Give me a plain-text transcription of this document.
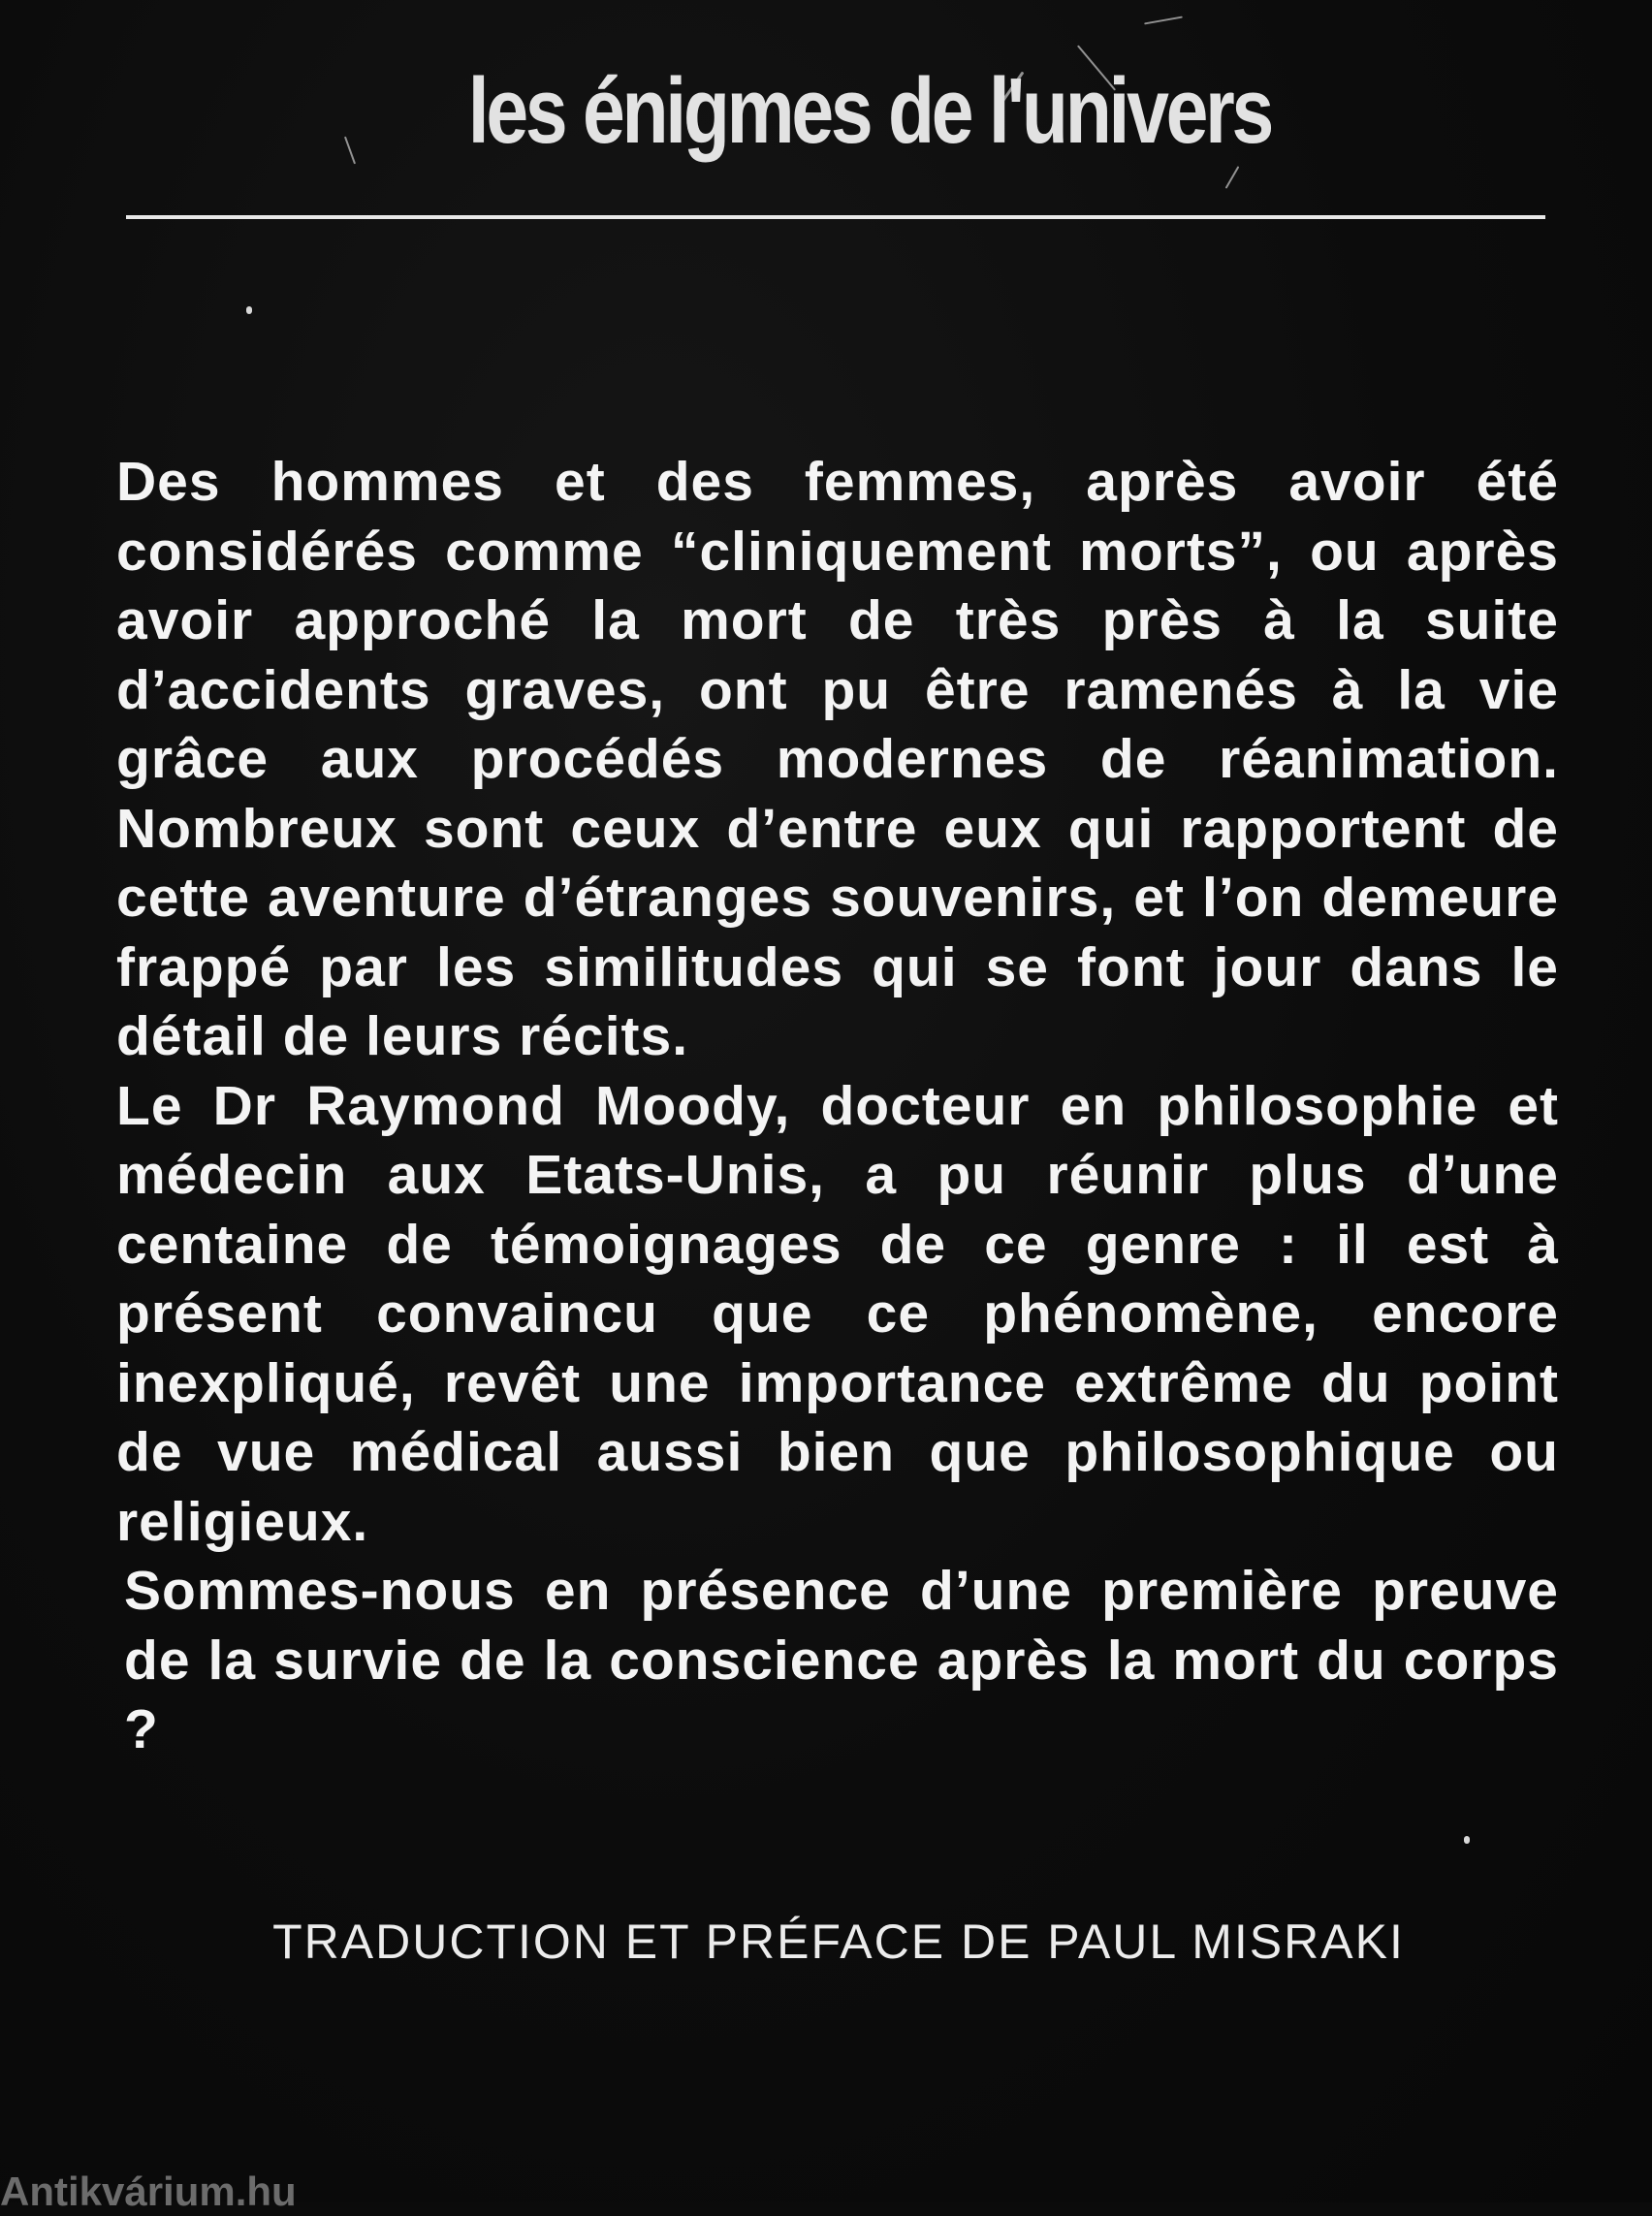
les énigmes de l'univers

Des hommes et des femmes, après avoir été considérés comme “cliniquement morts”, ou après avoir approché la mort de très près à la suite d’accidents graves, ont pu être ramenés à la vie grâce aux procédés modernes de réanimation. Nombreux sont ceux d’entre eux qui rapportent de cette aventure d’étranges souvenirs, et l’on demeure frappé par les similitudes qui se font jour dans le détail de leurs récits.

Le Dr Raymond Moody, docteur en philosophie et médecin aux Etats-Unis, a pu réunir plus d’une centaine de témoignages de ce genre : il est à présent convaincu que ce phénomène, encore inexpliqué, revêt une importance extrême du point de vue médical aussi bien que philosophique ou religieux.

Sommes-nous en présence d’une première preuve de la survie de la conscience après la mort du corps ?

TRADUCTION ET PRÉFACE DE PAUL MISRAKI
Antikvárium.hu
